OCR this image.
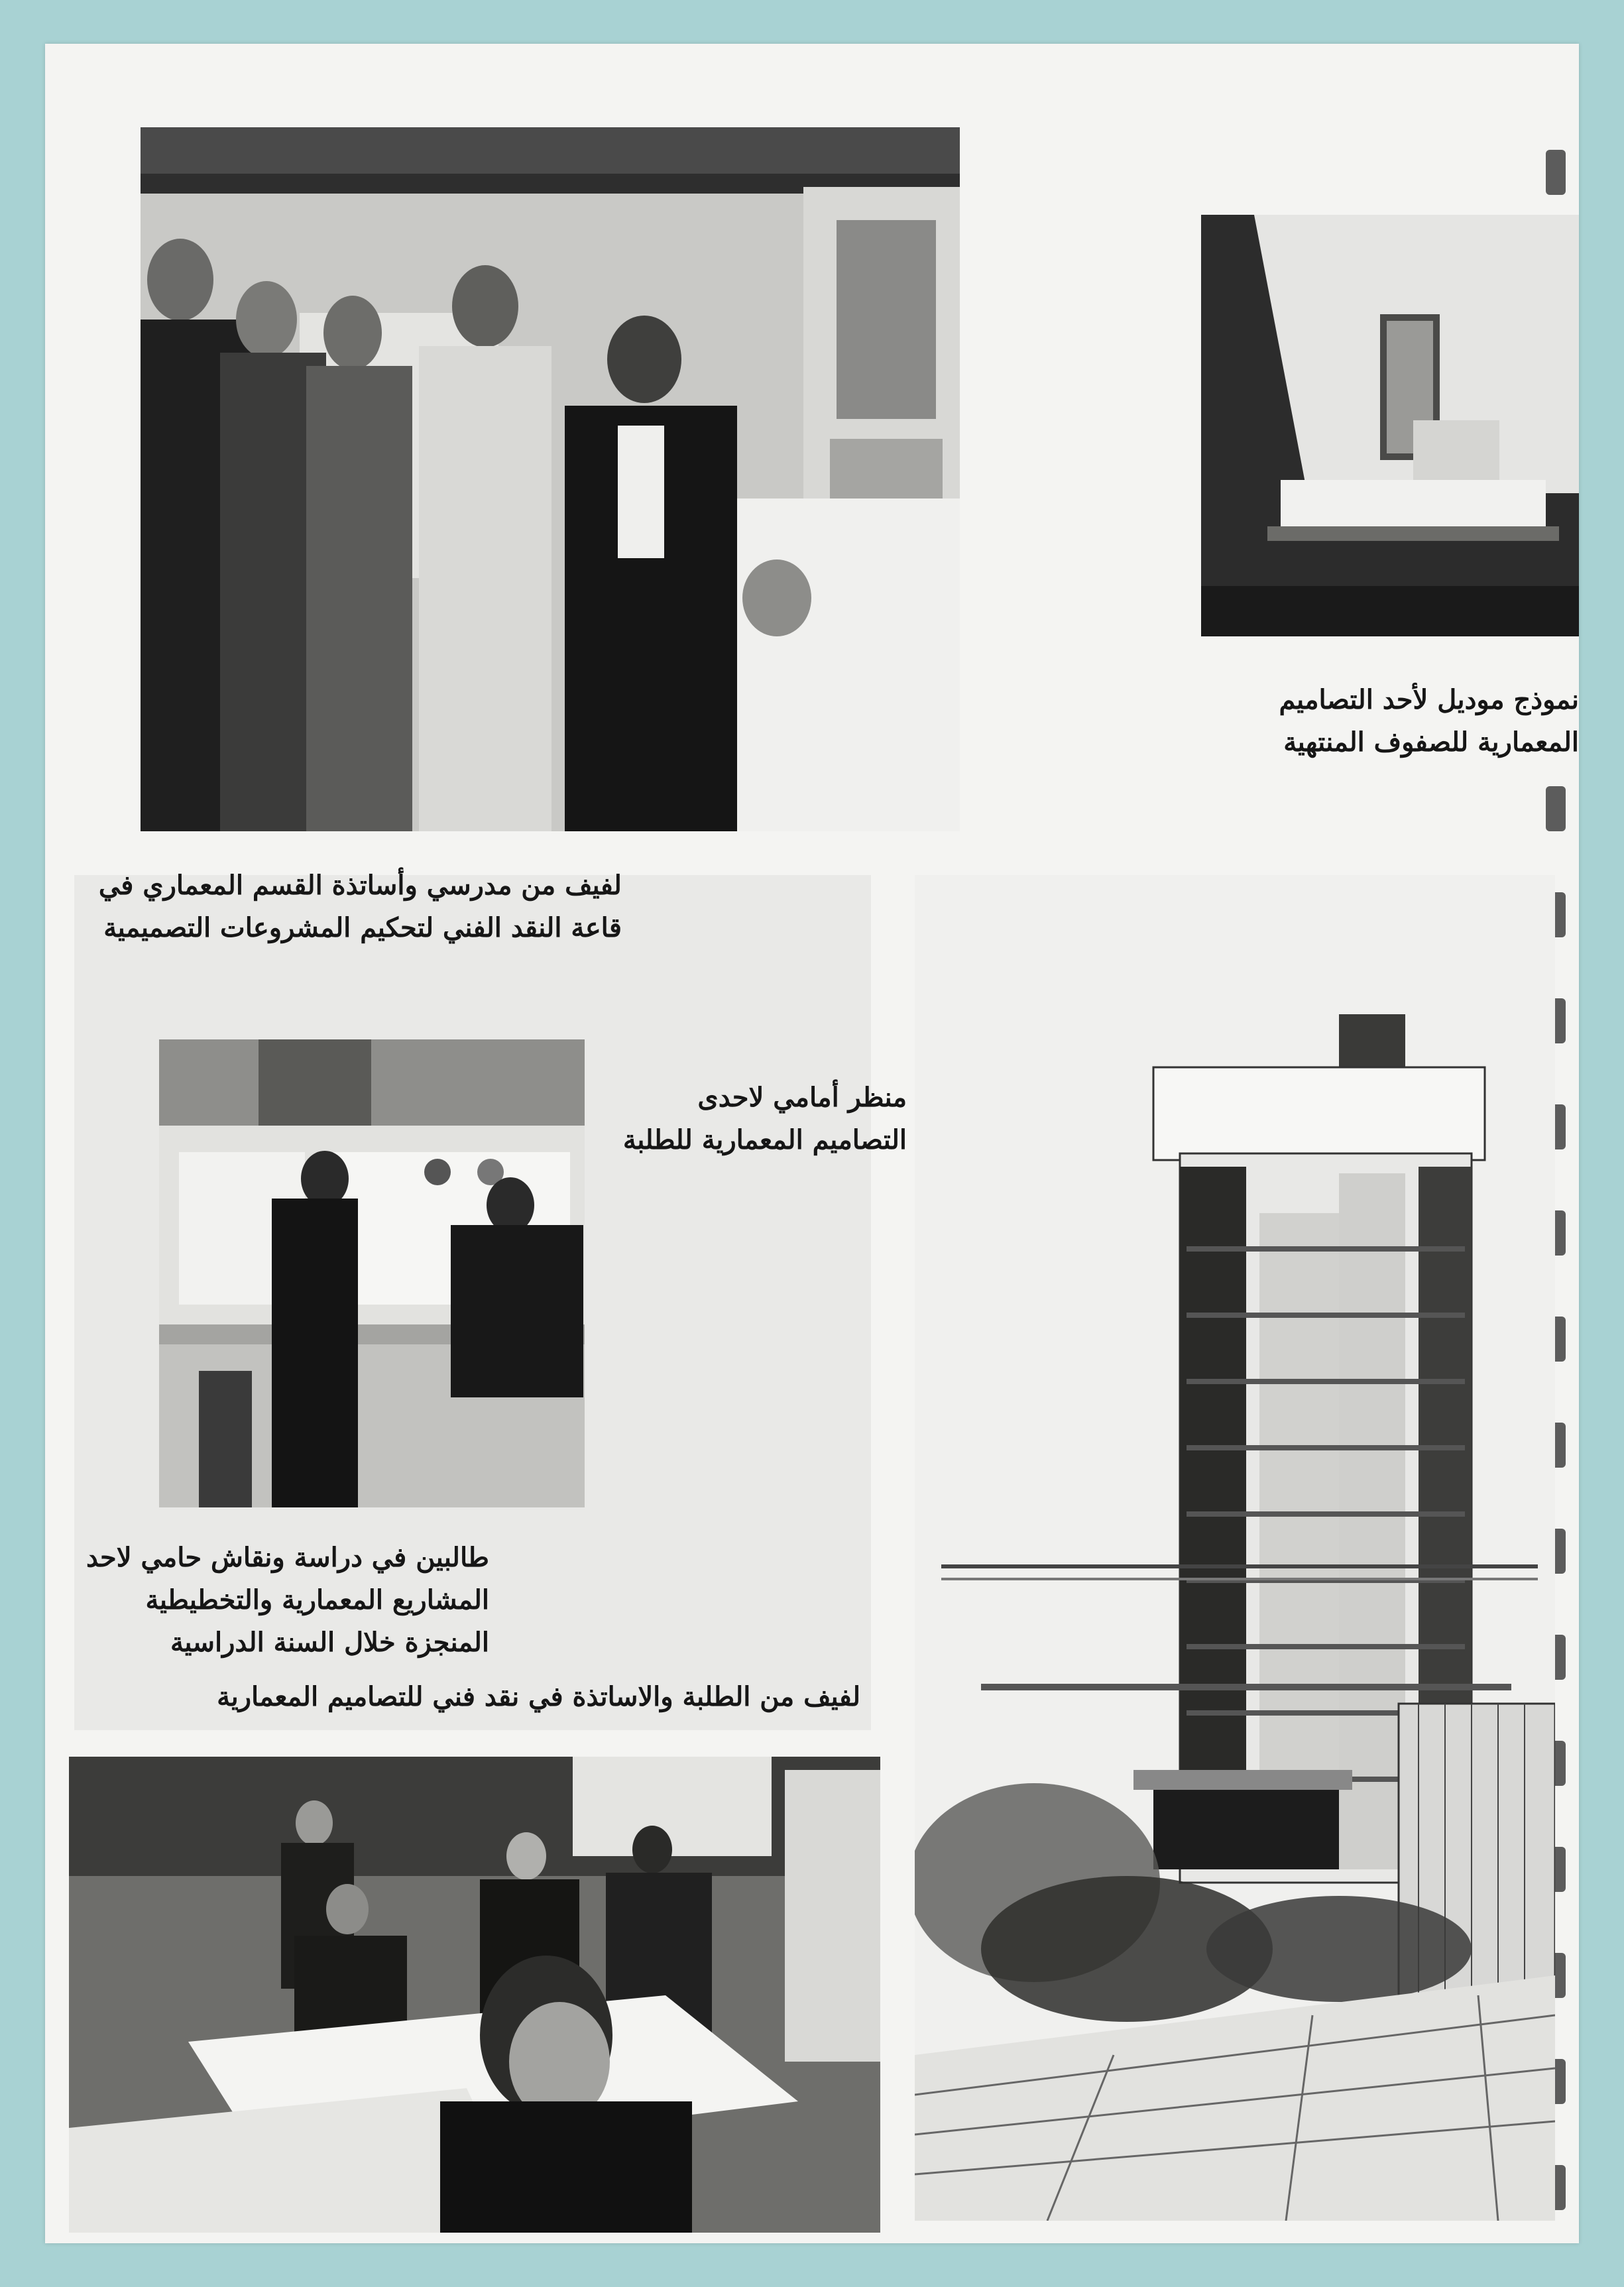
نموذج موديل لأحد التصاميم
المعمارية للصفوف المنتهية
لفيف من مدرسي وأساتذة القسم المعماري في
قاعة النقد الفني لتحكيم المشروعات التصميمية
منظر أمامي لاحدى
التصاميم المعمارية للطلبة
طالبين في دراسة ونقاش حامي لاحد
المشاريع المعمارية والتخطيطية
المنجزة خلال السنة الدراسية
لفيف من الطلبة والاساتذة في نقد فني للتصاميم المعمارية
